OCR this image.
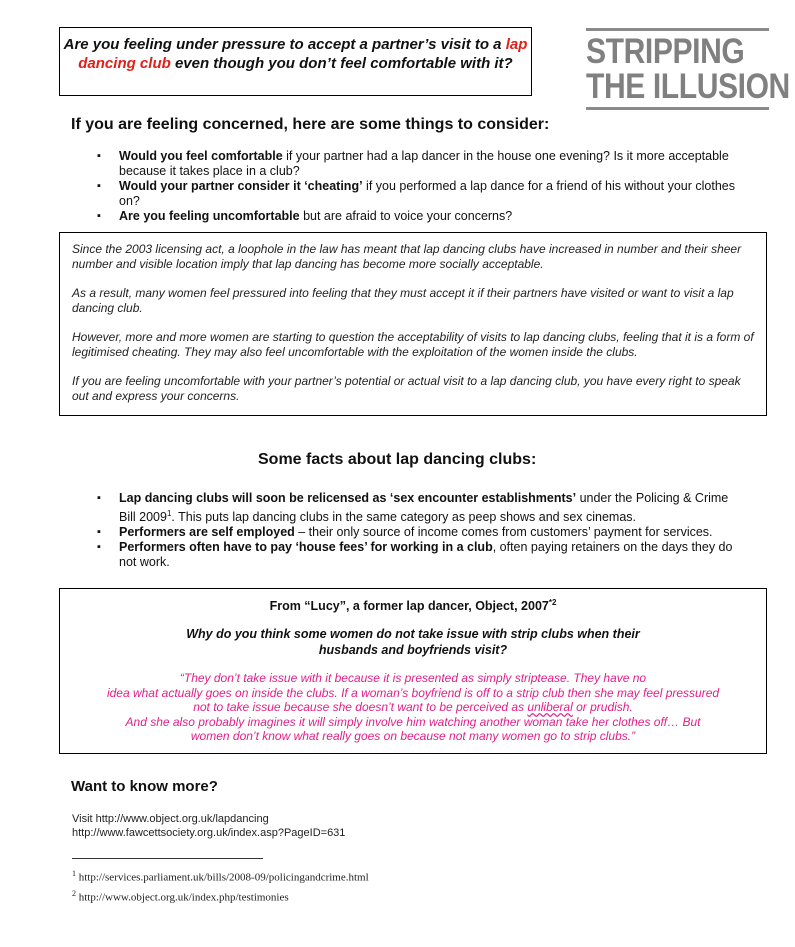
Are you feeling under pressure to accept a partner’s visit to a lap dancing club even though you don’t feel comfortable with it?	STRIPPING
THE ILLUSION
If you are feeling concerned, here are some things to consider:
▪ Would you feel comfortable if your partner had a lap dancer in the house one evening? Is it more acceptable because it takes place in a club?
▪ Would your partner consider it ‘cheating’ if you performed a lap dance for a friend of his without your clothes on?
▪ Are you feeling uncomfortable but are afraid to voice your concerns?

Since the 2003 licensing act, a loophole in the law has meant that lap dancing clubs have increased in number and their sheer number and visible location imply that lap dancing has become more socially acceptable.

As a result, many women feel pressured into feeling that they must accept it if their partners have visited or want to visit a lap dancing club.

However, more and more women are starting to question the acceptability of visits to lap dancing clubs, feeling that it is a form of legitimised cheating. They may also feel uncomfortable with the exploitation of the women inside the clubs.

If you are feeling uncomfortable with your partner’s potential or actual visit to a lap dancing club, you have every right to speak out and express your concerns.

Some facts about lap dancing clubs:
▪ Lap dancing clubs will soon be relicensed as ‘sex encounter establishments’ under the Policing & Crime Bill 2009$^1$. This puts lap dancing clubs in the same category as peep shows and sex cinemas.
▪ Performers are self employed – their only source of income comes from customers’ payment for services.
▪ Performers often have to pay ‘house fees’ for working in a club, often paying retainers on the days they do not work.
From “Lucy”, a former lap dancer, Object, 2007$^{*2}$
Why do you think some women do not take issue with strip clubs when their
husbands and boyfriends visit?
“They don’t take issue with it because it is presented as simply striptease. They have no
idea what actually goes on inside the clubs. If a woman’s boyfriend is off to a strip club then she may feel pressured
not to take issue because she doesn’t want to be perceived as unliberal or prudish.
And she also probably imagines it will simply involve him watching another woman take her clothes off… But
women don’t know what really goes on because not many women go to strip clubs.”
Want to know more?
Visit http://www.object.org.uk/lapdancing
http://www.fawcettsociety.org.uk/index.asp?PageID=631
$^1$ http://services.parliament.uk/bills/2008-09/policingandcrime.html
$^2$ http://www.object.org.uk/index.php/testimonies
